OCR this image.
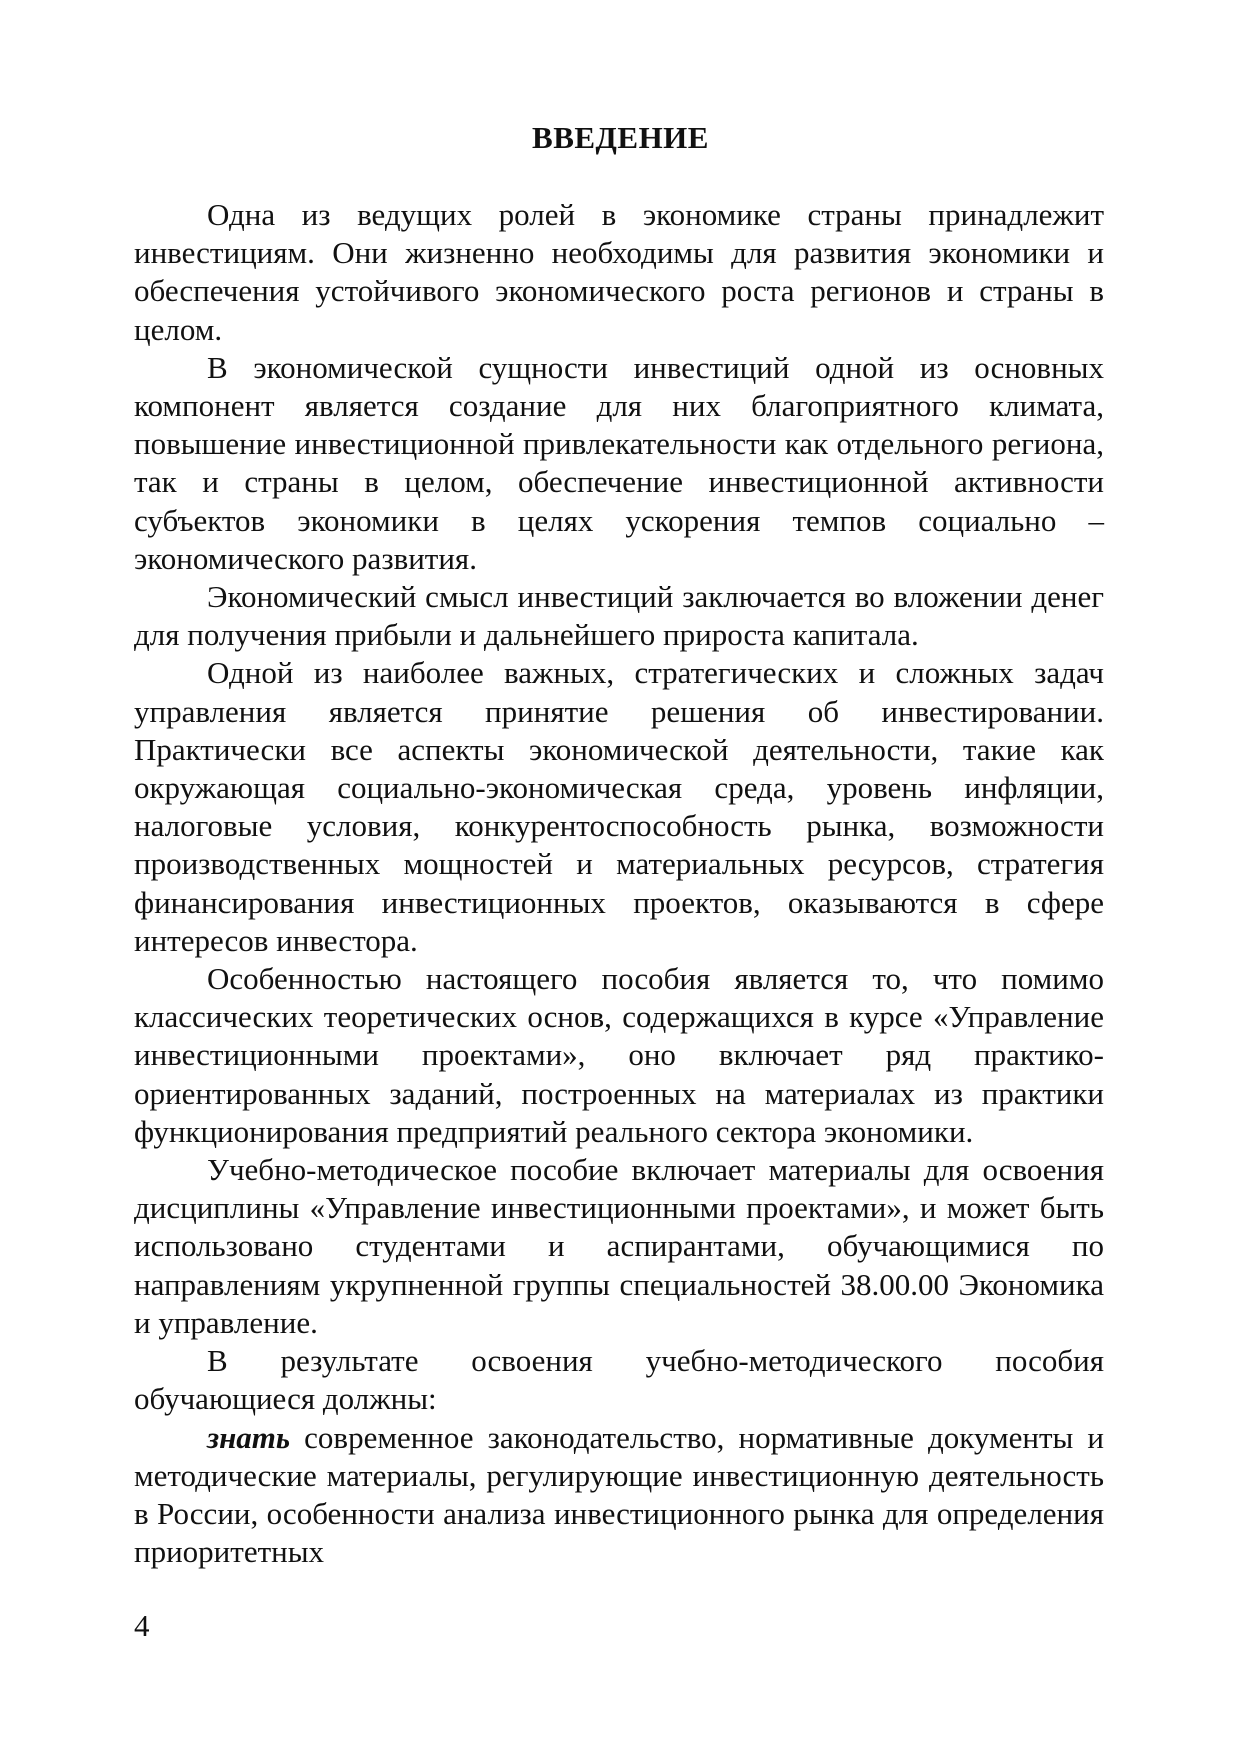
ВВЕДЕНИЕ

Одна из ведущих ролей в экономике страны принадлежит инвестициям. Они жизненно необходимы для развития экономики и обеспечения устойчивого экономического роста регионов и страны в целом.

В экономической сущности инвестиций одной из основных компонент является создание для них благоприятного климата, повышение инвестиционной привлекательности как отдельного региона, так и страны в целом, обеспечение инвестиционной активности субъектов экономики в целях ускорения темпов социально – экономического развития.

Экономический смысл инвестиций заключается во вложении денег для получения прибыли и дальнейшего прироста капитала.

Одной из наиболее важных, стратегических и сложных задач управления является принятие решения об инвестировании. Практически все аспекты экономической деятельности, такие как окружающая социально-экономическая среда, уровень инфляции, налоговые условия, конкурентоспособность рынка, возможности производственных мощностей и материальных ресурсов, стратегия финансирования инвестиционных проектов, оказываются в сфере интересов инвестора.

Особенностью настоящего пособия является то, что помимо классических теоретических основ, содержащихся в курсе «Управление инвестиционными проектами», оно включает ряд практико-ориентированных заданий, построенных на материалах из практики функционирования предприятий реального сектора экономики.

Учебно-методическое пособие включает материалы для освоения дисциплины «Управление инвестиционными проектами», и может быть использовано студентами и аспирантами, обучающимися по направлениям укрупненной группы специальностей 38.00.00 Экономика и управление.

В результате освоения учебно-методического пособия обучающиеся должны:

знать современное законодательство, нормативные документы и методические материалы, регулирующие инвестиционную деятельность в России, особенности анализа инвестиционного рынка для определения приоритетных

4
